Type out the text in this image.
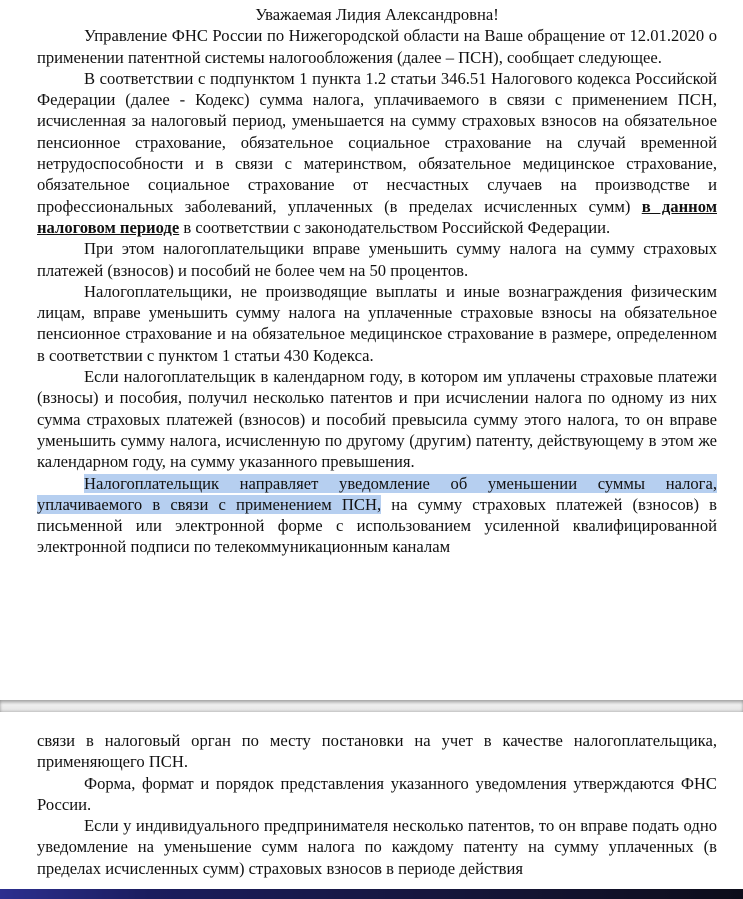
Уважаемая Лидия Александровна!

Управление ФНС России по Нижегородской области на Ваше обращение от 12.01.2020 о применении патентной системы налогообложения (далее – ПСН), сообщает следующее.

В соответствии с подпунктом 1 пункта 1.2 статьи 346.51 Налогового кодекса Российской Федерации (далее - Кодекс) сумма налога, уплачиваемого в связи с применением ПСН, исчисленная за налоговый период, уменьшается на сумму страховых взносов на обязательное пенсионное страхование, обязательное социальное страхование на случай временной нетрудоспособности и в связи с материнством, обязательное медицинское страхование, обязательное социальное страхование от несчастных случаев на производстве и профессиональных заболеваний, уплаченных (в пределах исчисленных сумм) в данном налоговом периоде в соответствии с законодательством Российской Федерации.

При этом налогоплательщики вправе уменьшить сумму налога на сумму страховых платежей (взносов) и пособий не более чем на 50 процентов.

Налогоплательщики, не производящие выплаты и иные вознаграждения физическим лицам, вправе уменьшить сумму налога на уплаченные страховые взносы на обязательное пенсионное страхование и на обязательное медицинское страхование в размере, определенном в соответствии с пунктом 1 статьи 430 Кодекса.

Если налогоплательщик в календарном году, в котором им уплачены страховые платежи (взносы) и пособия, получил несколько патентов и при исчислении налога по одному из них сумма страховых платежей (взносов) и пособий превысила сумму этого налога, то он вправе уменьшить сумму налога, исчисленную по другому (другим) патенту, действующему в этом же календарном году, на сумму указанного превышения.

Налогоплательщик направляет уведомление об уменьшении суммы налога, уплачиваемого в связи с применением ПСН, на сумму страховых платежей (взносов) в письменной или электронной форме с использованием усиленной квалифицированной электронной подписи по телекоммуникационным каналам

связи в налоговый орган по месту постановки на учет в качестве налогоплательщика, применяющего ПСН.

Форма, формат и порядок представления указанного уведомления утверждаются ФНС России.

Если у индивидуального предпринимателя несколько патентов, то он вправе подать одно уведомление на уменьшение сумм налога по каждому патенту на сумму уплаченных (в пределах исчисленных сумм) страховых взносов в периоде действия
